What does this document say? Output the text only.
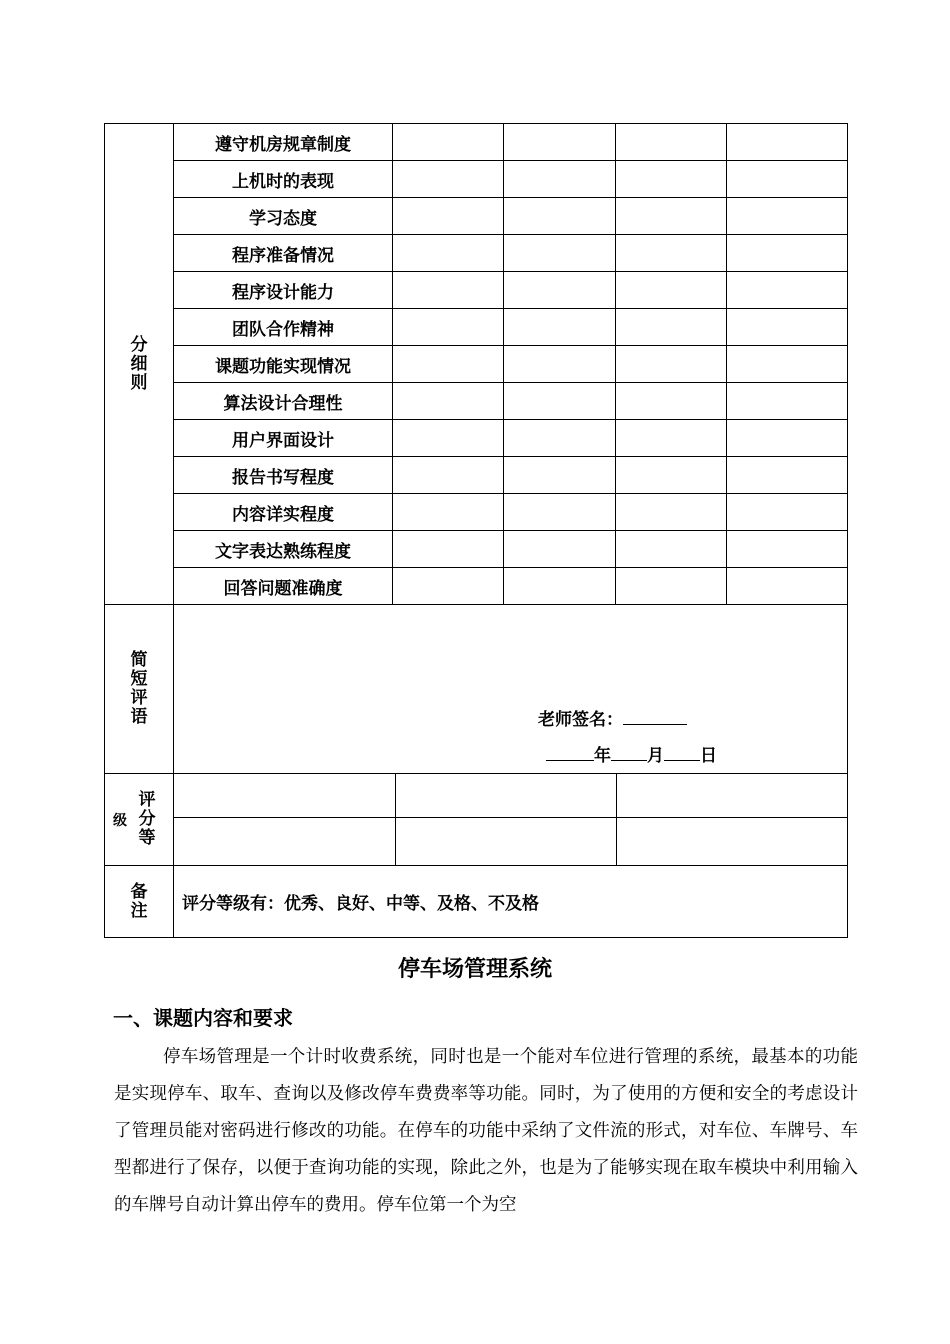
分细则	遵守机房规章制度				
	上机时的表现				
	学习态度				
	程序准备情况				
	程序设计能力				
	团队合作精神				
	课题功能实现情况				
	算法设计合理性				
	用户界面设计				
	报告书写程度				
	内容详实程度				
	文字表达熟练程度				
	回答问题准确度				
简短评语	老师签名：
年 月 日				

级
评分等					

备注	评分等级有：优秀、良好、中等、及格、不及格				
停车场管理系统
一、课题内容和要求
停车场管理是一个计时收费系统，同时也是一个能对车位进行管理的系统，最基本的功能是实现停车、取车、查询以及修改停车费费率等功能。同时，为了使用的方便和安全的考虑设计了管理员能对密码进行修改的功能。在停车的功能中采纳了文件流的形式，对车位、车牌号、车型都进行了保存，以便于查询功能的实现，除此之外，也是为了能够实现在取车模块中利用输入的车牌号自动计算出停车的费用。停车位第一个为空
